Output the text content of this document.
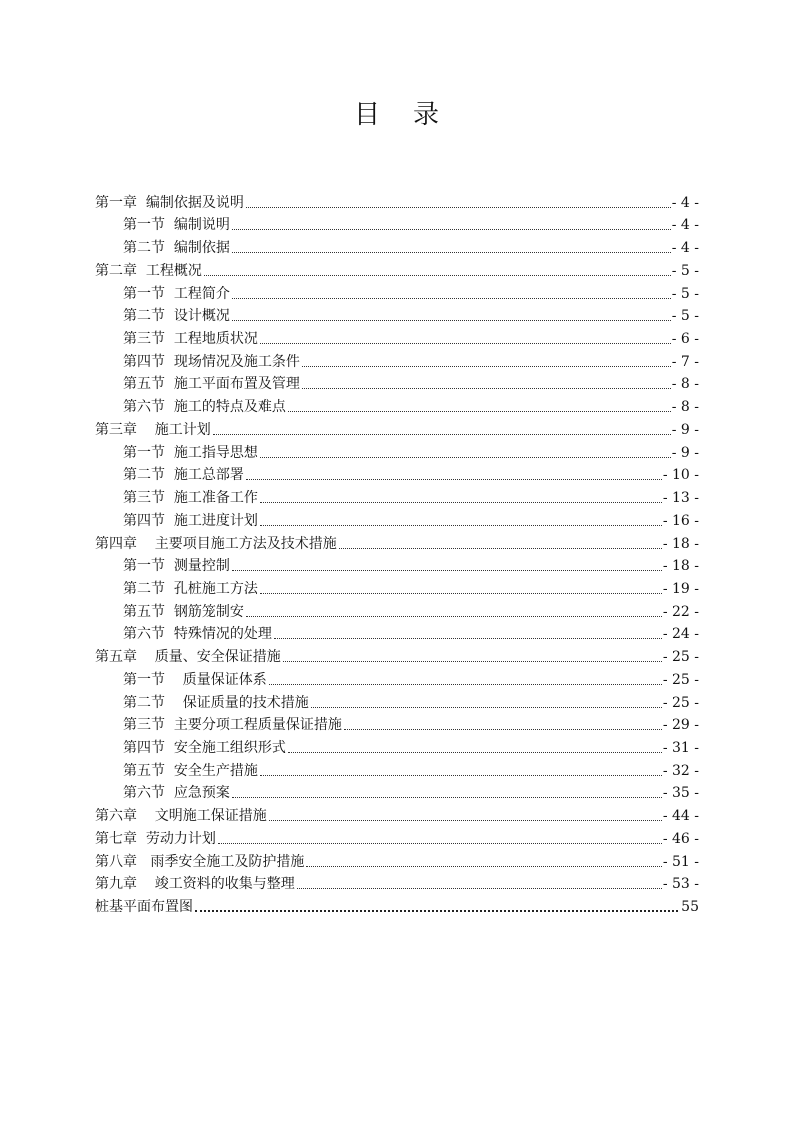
目    录
第一章  编制依据及说明	- 4 -
第一节  编制说明	- 4 -
第二节  编制依据	- 4 -
第二章  工程概况	- 5 -
第一节  工程简介	- 5 -
第二节  设计概况	- 5 -
第三节  工程地质状况	- 6 -
第四节  现场情况及施工条件	- 7 -
第五节  施工平面布置及管理	- 8 -
第六节  施工的特点及难点	- 8 -
第三章    施工计划	- 9 -
第一节  施工指导思想	- 9 -
第二节  施工总部署	- 10 -
第三节  施工准备工作	- 13 -
第四节  施工进度计划	- 16 -
第四章    主要项目施工方法及技术措施	- 18 -
第一节  测量控制	- 18 -
第二节  孔桩施工方法	- 19 -
第五节  钢筋笼制安	- 22 -
第六节  特殊情况的处理	- 24 -
第五章    质量、安全保证措施	- 25 -
第一节    质量保证体系	- 25 -
第二节    保证质量的技术措施	- 25 -
第三节  主要分项工程质量保证措施	- 29 -
第四节  安全施工组织形式	- 31 -
第五节  安全生产措施	- 32 -
第六节  应急预案	- 35 -
第六章    文明施工保证措施	- 44 -
第七章  劳动力计划	- 46 -
第八章   雨季安全施工及防护措施	- 51 -
第九章    竣工资料的收集与整理	- 53 -
桩基平面布置图	55
